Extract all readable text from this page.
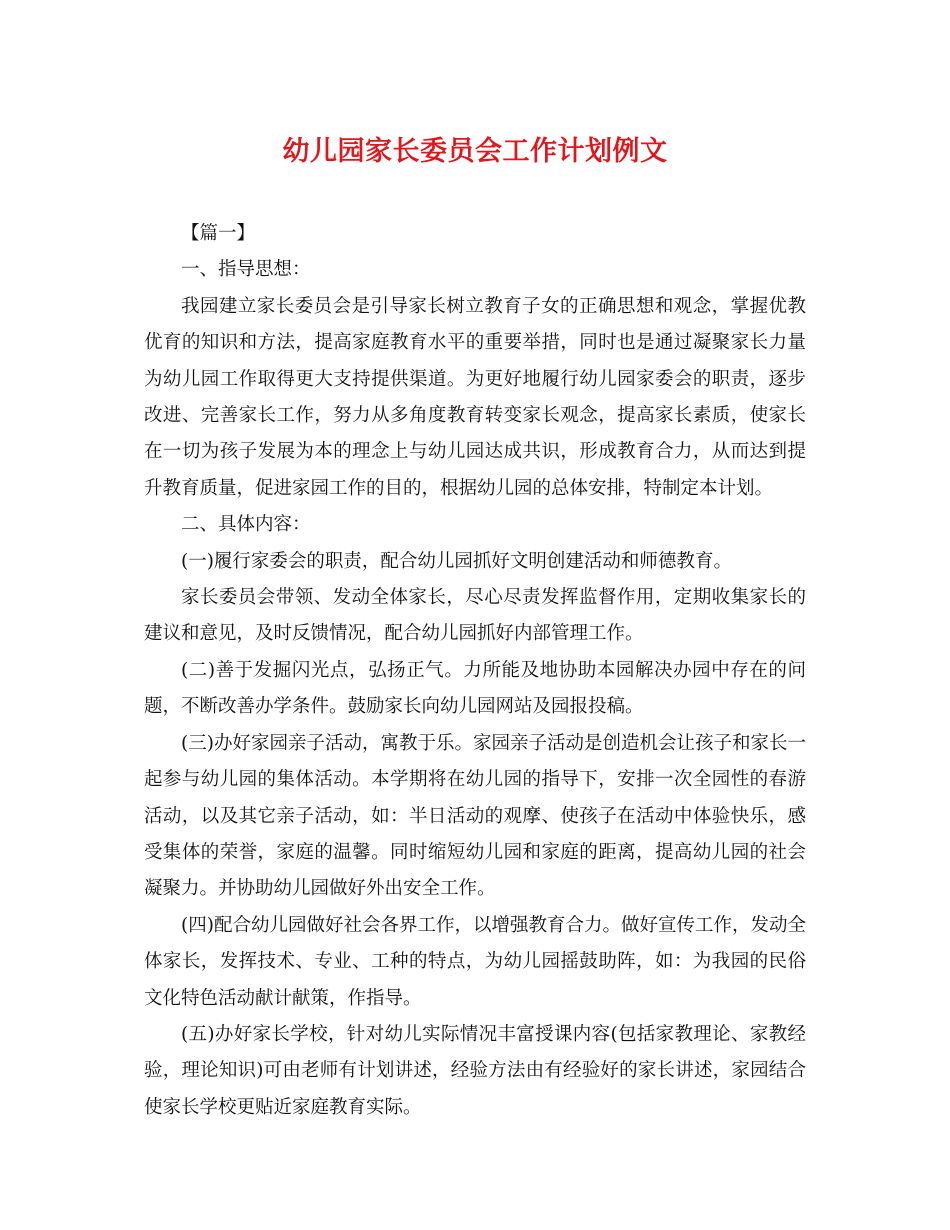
幼儿园家长委员会工作计划例文

【篇一】

一、指导思想：

我园建立家长委员会是引导家长树立教育子女的正确思想和观念，掌握优教优育的知识和方法，提高家庭教育水平的重要举措，同时也是通过凝聚家长力量为幼儿园工作取得更大支持提供渠道。为更好地履行幼儿园家委会的职责，逐步改进、完善家长工作，努力从多角度教育转变家长观念，提高家长素质，使家长在一切为孩子发展为本的理念上与幼儿园达成共识，形成教育合力，从而达到提升教育质量，促进家园工作的目的，根据幼儿园的总体安排，特制定本计划。

二、具体内容：

(一)履行家委会的职责，配合幼儿园抓好文明创建活动和师德教育。

家长委员会带领、发动全体家长，尽心尽责发挥监督作用，定期收集家长的建议和意见，及时反馈情况，配合幼儿园抓好内部管理工作。

(二)善于发掘闪光点，弘扬正气。力所能及地协助本园解决办园中存在的问题，不断改善办学条件。鼓励家长向幼儿园网站及园报投稿。

(三)办好家园亲子活动，寓教于乐。家园亲子活动是创造机会让孩子和家长一起参与幼儿园的集体活动。本学期将在幼儿园的指导下，安排一次全园性的春游活动，以及其它亲子活动，如：半日活动的观摩、使孩子在活动中体验快乐，感受集体的荣誉，家庭的温馨。同时缩短幼儿园和家庭的距离，提高幼儿园的社会凝聚力。并协助幼儿园做好外出安全工作。

(四)配合幼儿园做好社会各界工作，以增强教育合力。做好宣传工作，发动全体家长，发挥技术、专业、工种的特点，为幼儿园摇鼓助阵，如：为我园的民俗文化特色活动献计献策，作指导。

(五)办好家长学校，针对幼儿实际情况丰富授课内容(包括家教理论、家教经验，理论知识)可由老师有计划讲述，经验方法由有经验好的家长讲述，家园结合使家长学校更贴近家庭教育实际。
